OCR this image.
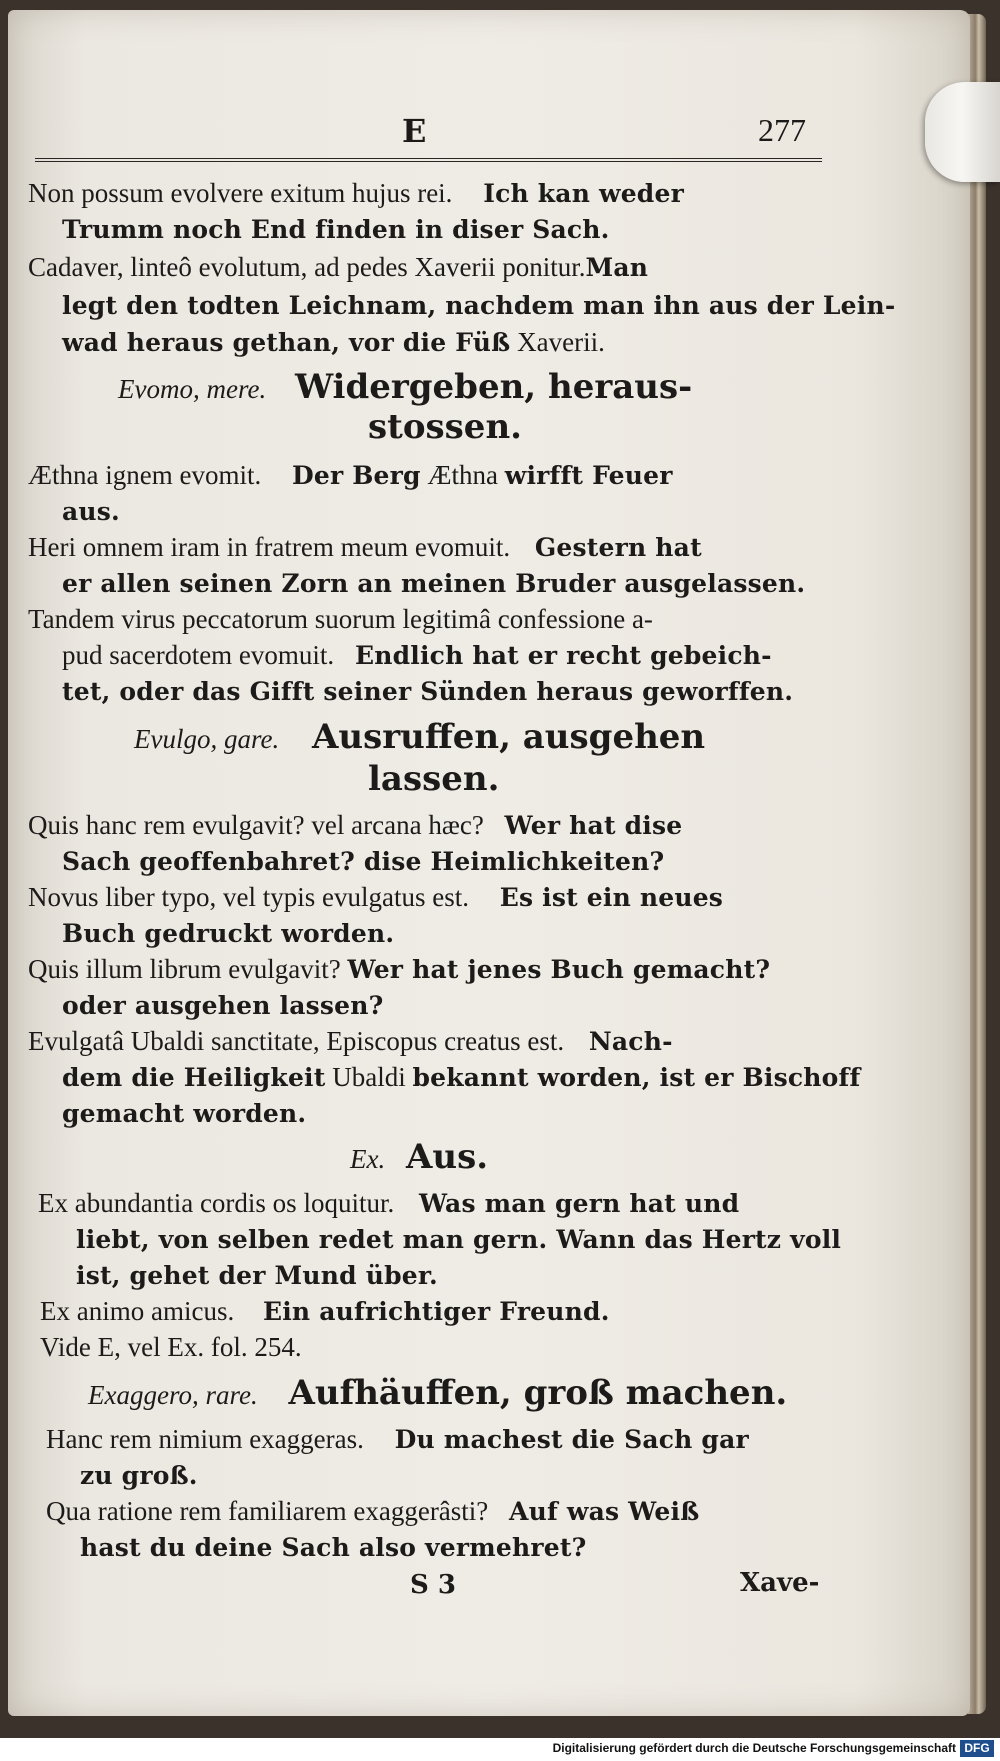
E	277
Non possum evolvere exitum hujus rei. Ich kan weder
Trumm noch End finden in diser Sach.
Cadaver, linteô evolutum, ad pedes Xaverii ponitur.Man
legt den todten Leichnam, nachdem man ihn aus der Lein-
wad heraus gethan, vor die Füß Xaverii.
Evomo, mere. Widergeben, heraus-
stossen.
Æthna ignem evomit. Der Berg Æthna wirfft Feuer
aus.
Heri omnem iram in fratrem meum evomuit. Gestern hat
er allen seinen Zorn an meinen Bruder ausgelassen.
Tandem virus peccatorum suorum legitimâ confessione a-
pud sacerdotem evomuit. Endlich hat er recht gebeich-
tet, oder das Gifft seiner Sünden heraus geworffen.
Evulgo, gare. Ausruffen, ausgehen
lassen.
Quis hanc rem evulgavit? vel arcana hæc? Wer hat dise
Sach geoffenbahret? dise Heimlichkeiten?
Novus liber typo, vel typis evulgatus est. Es ist ein neues
Buch gedruckt worden.
Quis illum librum evulgavit? Wer hat jenes Buch gemacht?
oder ausgehen lassen?
Evulgatâ Ubaldi sanctitate, Episcopus creatus est. Nach-
dem die Heiligkeit Ubaldi bekannt worden, ist er Bischoff
gemacht worden.
Ex. Aus.
Ex abundantia cordis os loquitur. Was man gern hat und
liebt, von selben redet man gern. Wann das Hertz voll
ist, gehet der Mund über.
Ex animo amicus. Ein aufrichtiger Freund.
Vide E, vel Ex. fol. 254.
Exaggero, rare. Aufhäuffen, groß machen.
Hanc rem nimium exaggeras. Du machest die Sach gar
zu groß.
Qua ratione rem familiarem exaggerâsti? Auf was Weiß
hast du deine Sach also vermehret?
S 3	Xave-
Digitalisierung gefördert durch die Deutsche Forschungsgemeinschaft DFG
